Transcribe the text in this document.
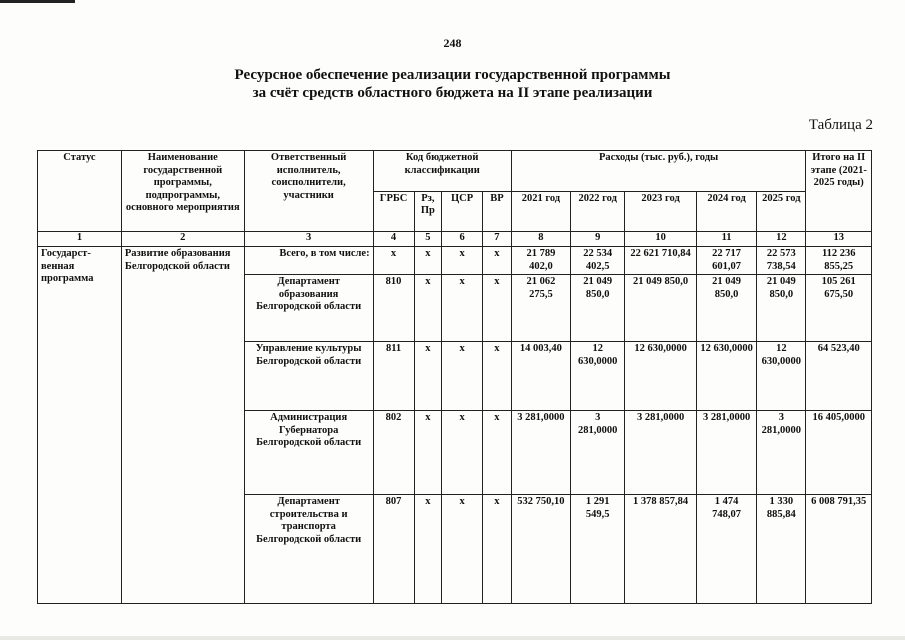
248
Ресурсное обеспечение реализации государственной программы
за счёт средств областного бюджета на II этапе реализации
Таблица 2
Статус	Наименование государственной программы, подпрограммы, основного мероприятия	Ответственный исполнитель, соисполнители, участники	Код бюджетной классификации				Расходы (тыс. руб.), годы					Итого на II этапе (2021-2025 годы)
			ГРБС	Рз, Пр	ЦСР	ВР	2021 год	2022 год	2023 год	2024 год	2025 год	
1	2	3	4	5	6	7	8	9	10	11	12	13
Государст-венная программа	Развитие образования Белгородской области	Всего, в том числе:	х	х	х	х	21 789 402,0	22 534 402,5	22 621 710,84	22 717 601,07	22 573 738,54	112 236 855,25
		Департамент образования Белгородской области	810	х	х	х	21 062 275,5	21 049 850,0	21 049 850,0	21 049 850,0	21 049 850,0	105 261 675,50
		Управление культуры Белгородской области	811	х	х	х	14 003,40	12 630,0000	12 630,0000	12 630,0000	12 630,0000	64 523,40
		Администрация Губернатора Белгородской области	802	х	х	х	3 281,0000	3 281,0000	3 281,0000	3 281,0000	3 281,0000	16 405,0000
		Департамент строительства и транспорта Белгородской области	807	х	х	х	532 750,10	1 291 549,5	1 378 857,84	1 474 748,07	1 330 885,84	6 008 791,35
